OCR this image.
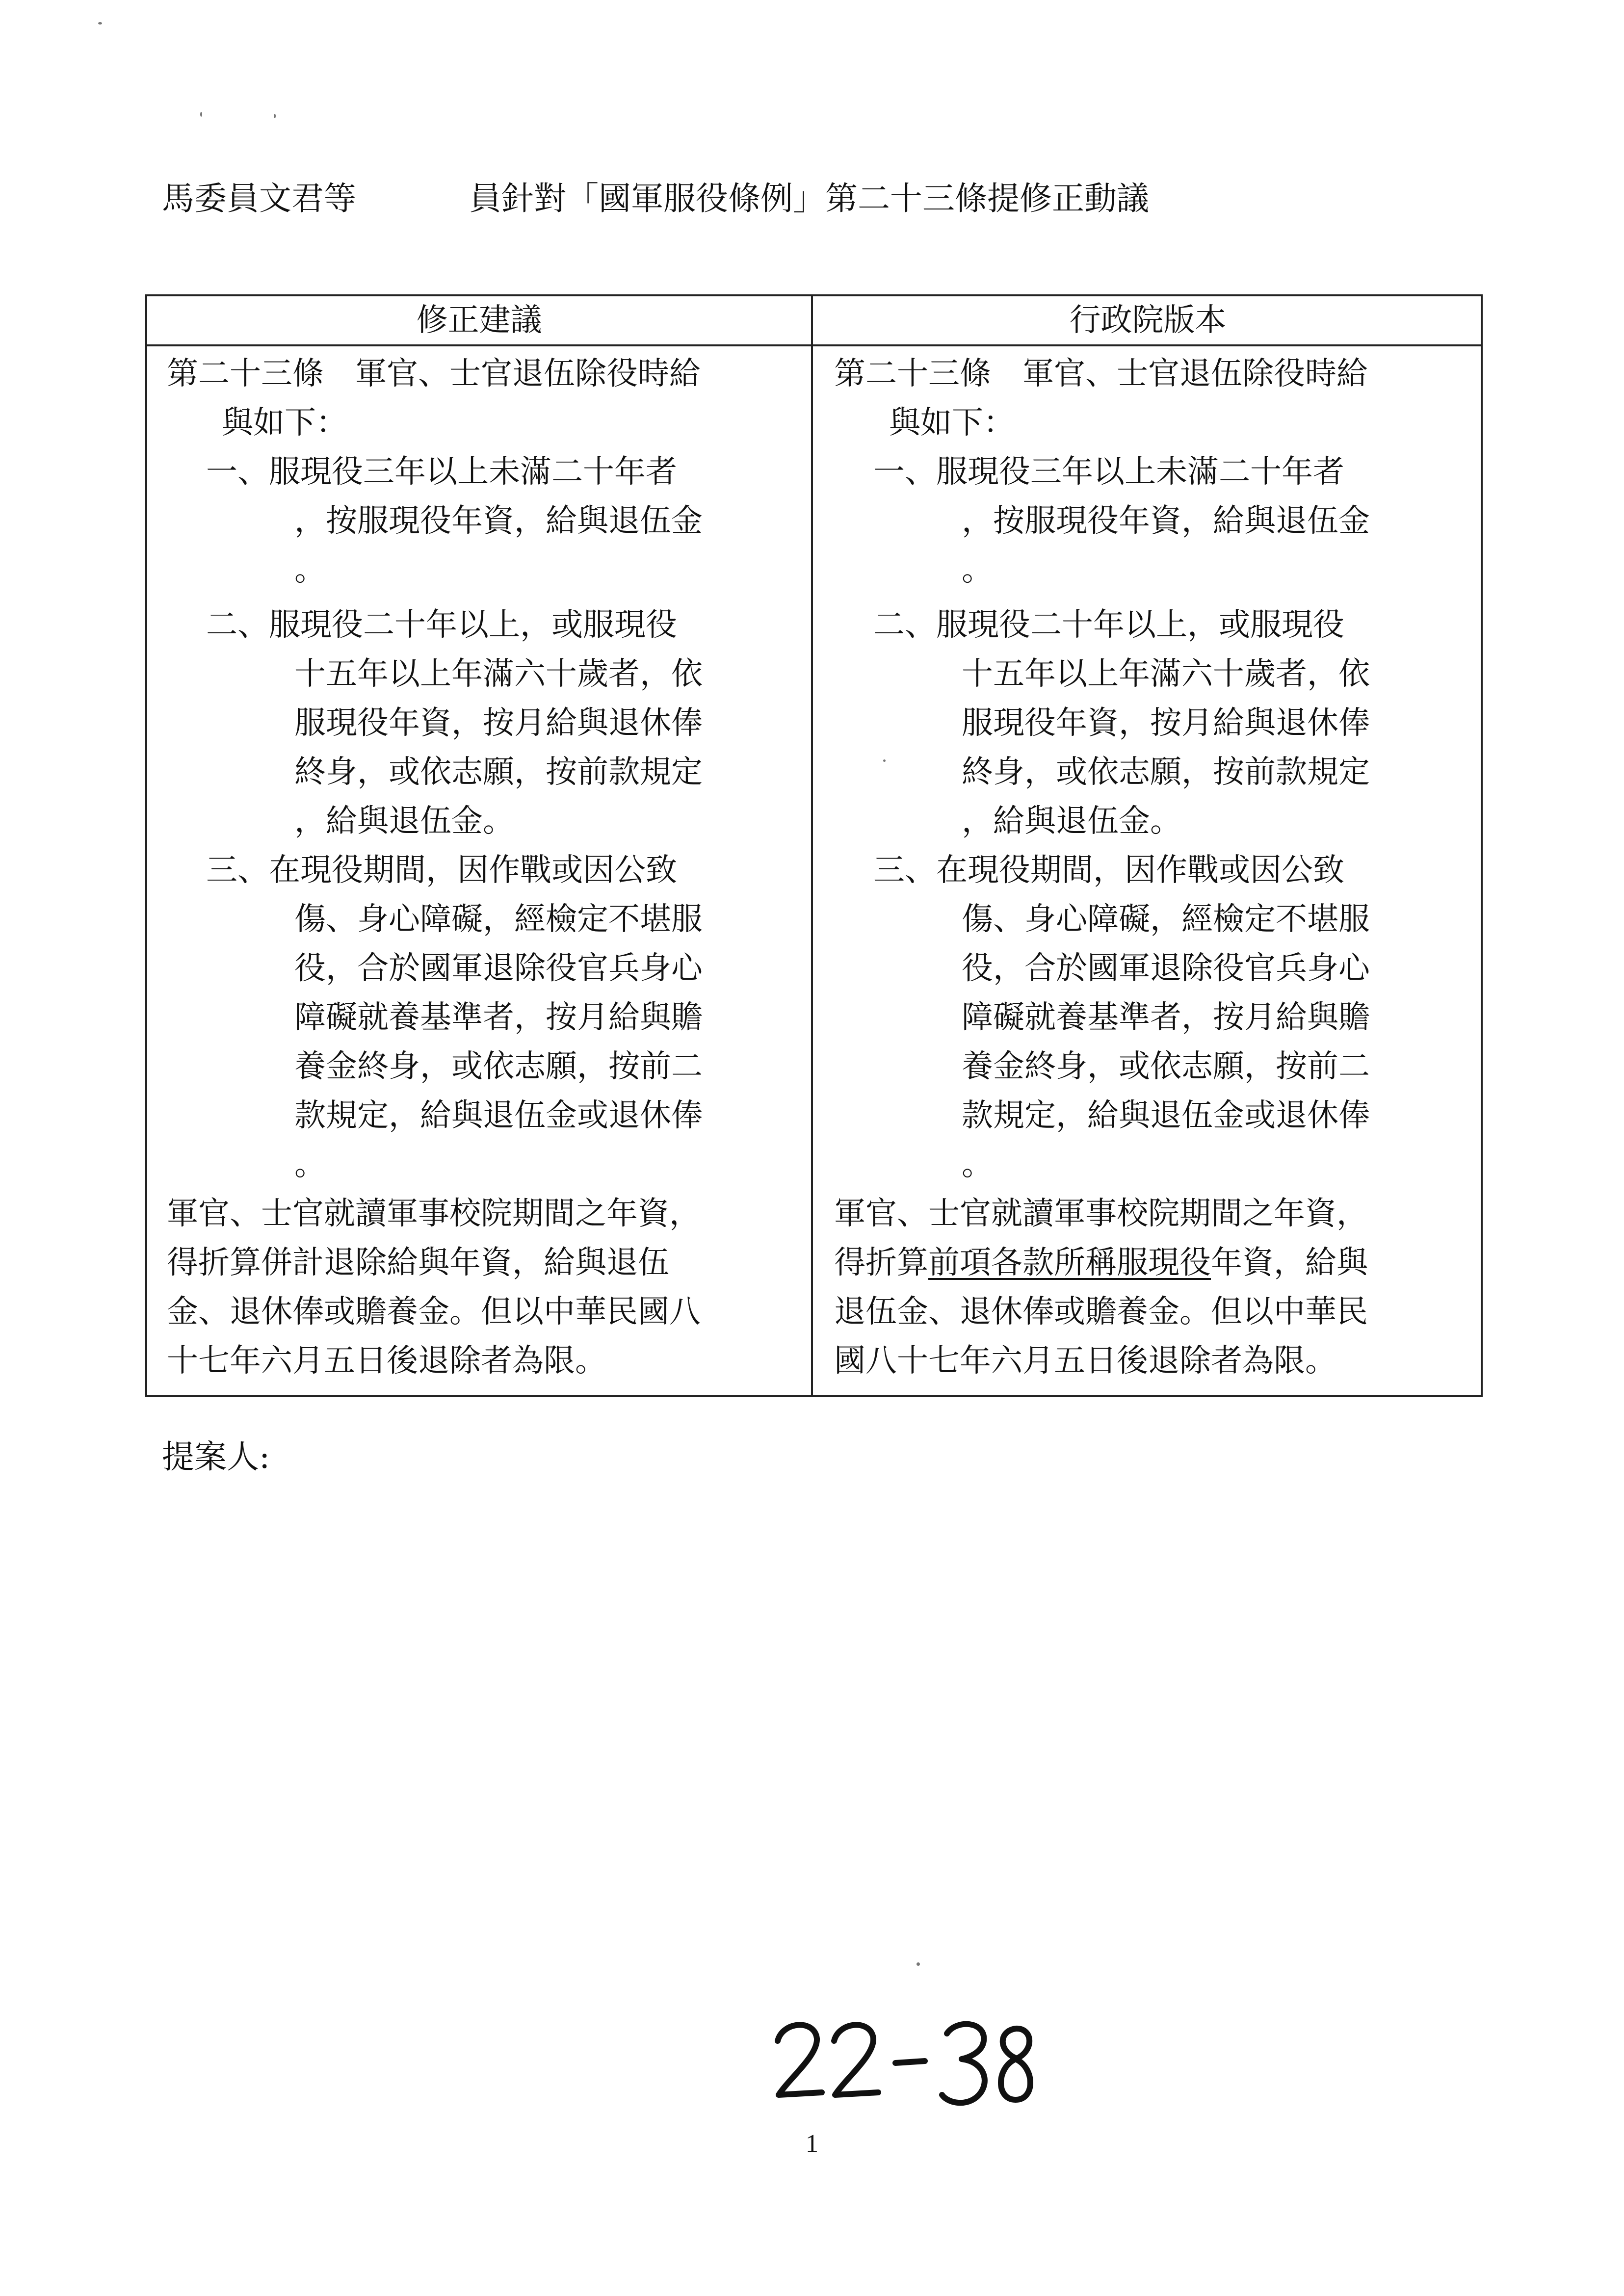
馬委員文君等	員針對「國軍服役條例」第二十三條提修正動議
修正建議	行政院版本
第二十三條　軍官、士官退伍除役時給
與如下：
一、服現役三年以上未滿二十年者
，按服現役年資，給與退伍金
。
二、服現役二十年以上，或服現役
十五年以上年滿六十歲者，依
服現役年資，按月給與退休俸
終身，或依志願，按前款規定
，給與退伍金。
三、在現役期間，因作戰或因公致
傷、身心障礙，經檢定不堪服
役，合於國軍退除役官兵身心
障礙就養基準者，按月給與贍
養金終身，或依志願，按前二
款規定，給與退伍金或退休俸
。
軍官、士官就讀軍事校院期間之年資，
得折算併計退除給與年資，給與退伍
金、退休俸或贍養金。但以中華民國八
十七年六月五日後退除者為限。
第二十三條　軍官、士官退伍除役時給
與如下：
一、服現役三年以上未滿二十年者
，按服現役年資，給與退伍金
。
二、服現役二十年以上，或服現役
十五年以上年滿六十歲者，依
服現役年資，按月給與退休俸
終身，或依志願，按前款規定
，給與退伍金。
三、在現役期間，因作戰或因公致
傷、身心障礙，經檢定不堪服
役，合於國軍退除役官兵身心
障礙就養基準者，按月給與贍
養金終身，或依志願，按前二
款規定，給與退伍金或退休俸
。
軍官、士官就讀軍事校院期間之年資，
得折算前項各款所稱服現役年資，給與
退伍金、退休俸或贍養金。但以中華民
國八十七年六月五日後退除者為限。
提案人:
1
